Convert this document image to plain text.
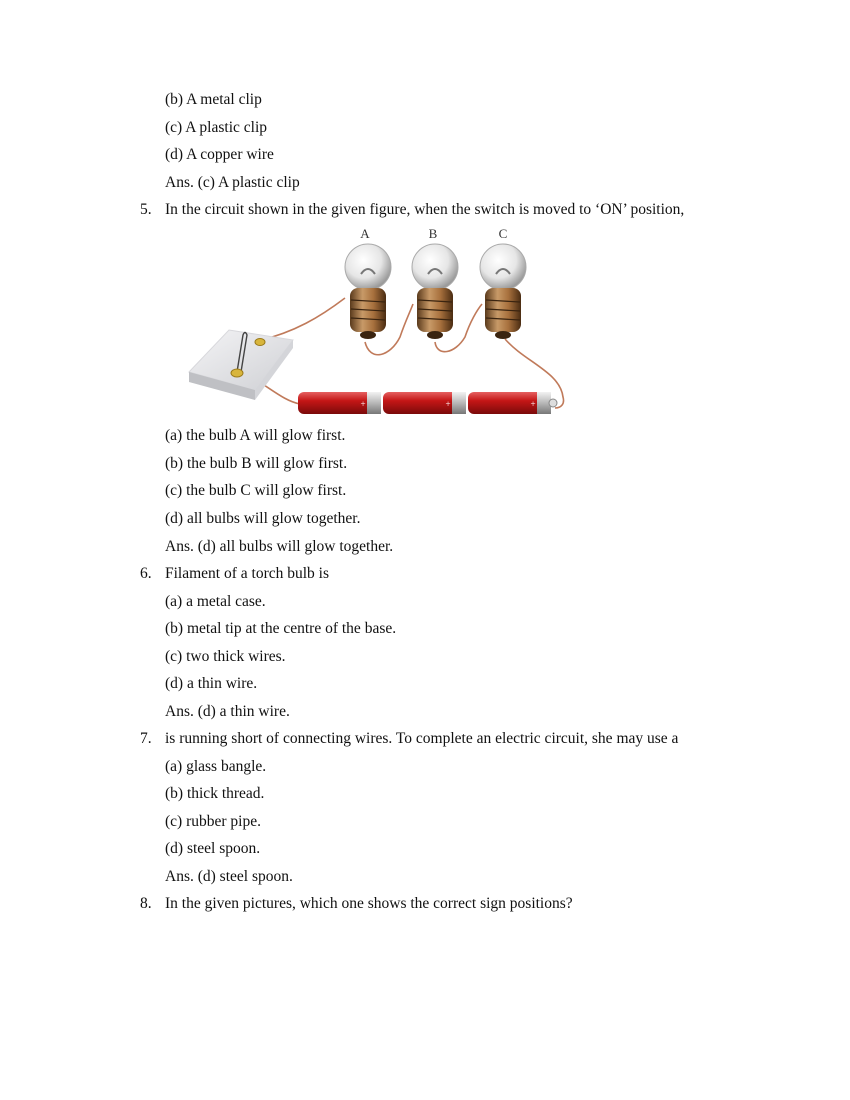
(b) A metal clip
(c) A plastic clip
(d) A copper wire
Ans. (c) A plastic clip
5. In the circuit shown in the given figure, when the switch is moved to ‘ON’ position,
A	B	C
+	+	+
(a) the bulb A will glow first.
(b) the bulb B will glow first.
(c) the bulb C will glow first.
(d) all bulbs will glow together.
Ans. (d) all bulbs will glow together.
6. Filament of a torch bulb is
(a) a metal case.
(b) metal tip at the centre of the base.
(c) two thick wires.
(d) a thin wire.
Ans. (d) a thin wire.
7. is running short of connecting wires. To complete an electric circuit, she may use a
(a) glass bangle.
(b) thick thread.
(c) rubber pipe.
(d) steel spoon.
Ans. (d) steel spoon.
8. In the given pictures, which one shows the correct sign positions?
